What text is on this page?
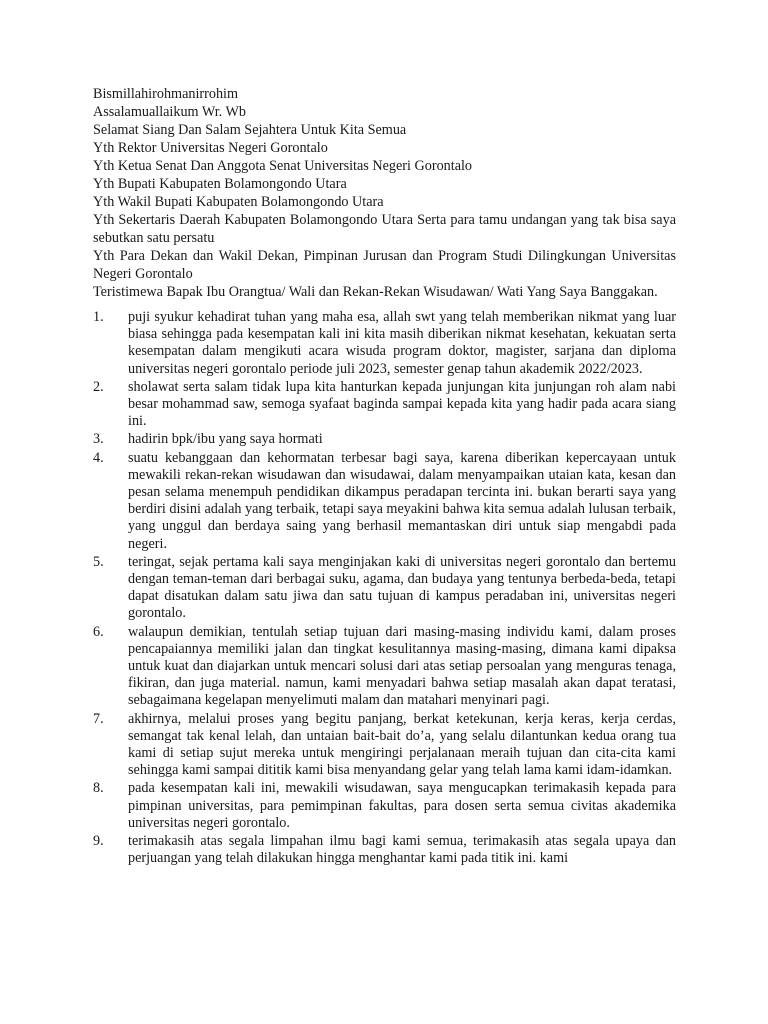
Bismillahirohmanirrohim

Assalamuallaikum Wr. Wb

Selamat Siang Dan Salam Sejahtera Untuk Kita Semua

Yth Rektor Universitas Negeri Gorontalo

Yth Ketua Senat Dan Anggota Senat Universitas Negeri Gorontalo

Yth Bupati Kabupaten Bolamongondo Utara

Yth Wakil Bupati Kabupaten Bolamongondo Utara

Yth Sekertaris Daerah Kabupaten Bolamongondo Utara Serta para tamu undangan yang tak bisa saya sebutkan satu persatu

Yth Para Dekan dan Wakil Dekan, Pimpinan Jurusan dan Program Studi Dilingkungan Universitas Negeri Gorontalo

Teristimewa Bapak Ibu Orangtua/ Wali dan Rekan-Rekan Wisudawan/ Wati Yang Saya Banggakan.

1. puji syukur kehadirat tuhan yang maha esa, allah swt yang telah memberikan nikmat yang luar biasa sehingga pada kesempatan kali ini kita masih diberikan nikmat kesehatan, kekuatan serta kesempatan dalam mengikuti acara wisuda program doktor, magister, sarjana dan diploma universitas negeri gorontalo periode juli 2023, semester genap tahun akademik 2022/2023.
2. sholawat serta salam tidak lupa kita hanturkan kepada junjungan kita junjungan roh alam nabi besar mohammad saw, semoga syafaat baginda sampai kepada kita yang hadir pada acara siang ini.
3. hadirin bpk/ibu yang saya hormati
4. suatu kebanggaan dan kehormatan terbesar bagi saya, karena diberikan kepercayaan untuk mewakili rekan-rekan wisudawan dan wisudawai, dalam menyampaikan utaian kata, kesan dan pesan selama menempuh pendidikan dikampus peradapan tercinta ini. bukan berarti saya yang berdiri disini adalah yang terbaik, tetapi saya meyakini bahwa kita semua adalah lulusan terbaik, yang unggul dan berdaya saing yang berhasil memantaskan diri untuk siap mengabdi pada negeri.
5. teringat, sejak pertama kali saya menginjakan kaki di universitas negeri gorontalo dan bertemu dengan teman-teman dari berbagai suku, agama, dan budaya yang tentunya berbeda-beda, tetapi dapat disatukan dalam satu jiwa dan satu tujuan di kampus peradaban ini, universitas negeri gorontalo.
6. walaupun demikian, tentulah setiap tujuan dari masing-masing individu kami, dalam proses pencapaiannya memiliki jalan dan tingkat kesulitannya masing-masing, dimana kami dipaksa untuk kuat dan diajarkan untuk mencari solusi dari atas setiap persoalan yang menguras tenaga, fikiran, dan juga material. namun, kami menyadari bahwa setiap masalah akan dapat teratasi, sebagaimana kegelapan menyelimuti malam dan matahari menyinari pagi.
7. akhirnya, melalui proses yang begitu panjang, berkat ketekunan, kerja keras, kerja cerdas, semangat tak kenal lelah, dan untaian bait-bait do’a, yang selalu dilantunkan kedua orang tua kami di setiap sujut mereka untuk mengiringi perjalanaan meraih tujuan dan cita-cita kami sehingga kami sampai dititik kami bisa menyandang gelar yang telah lama kami idam-idamkan.
8. pada kesempatan kali ini, mewakili wisudawan, saya mengucapkan terimakasih kepada para pimpinan universitas, para pemimpinan fakultas, para dosen serta semua civitas akademika universitas negeri gorontalo.
9. terimakasih atas segala limpahan ilmu bagi kami semua, terimakasih atas segala upaya dan perjuangan yang telah dilakukan hingga menghantar kami pada titik ini. kami
